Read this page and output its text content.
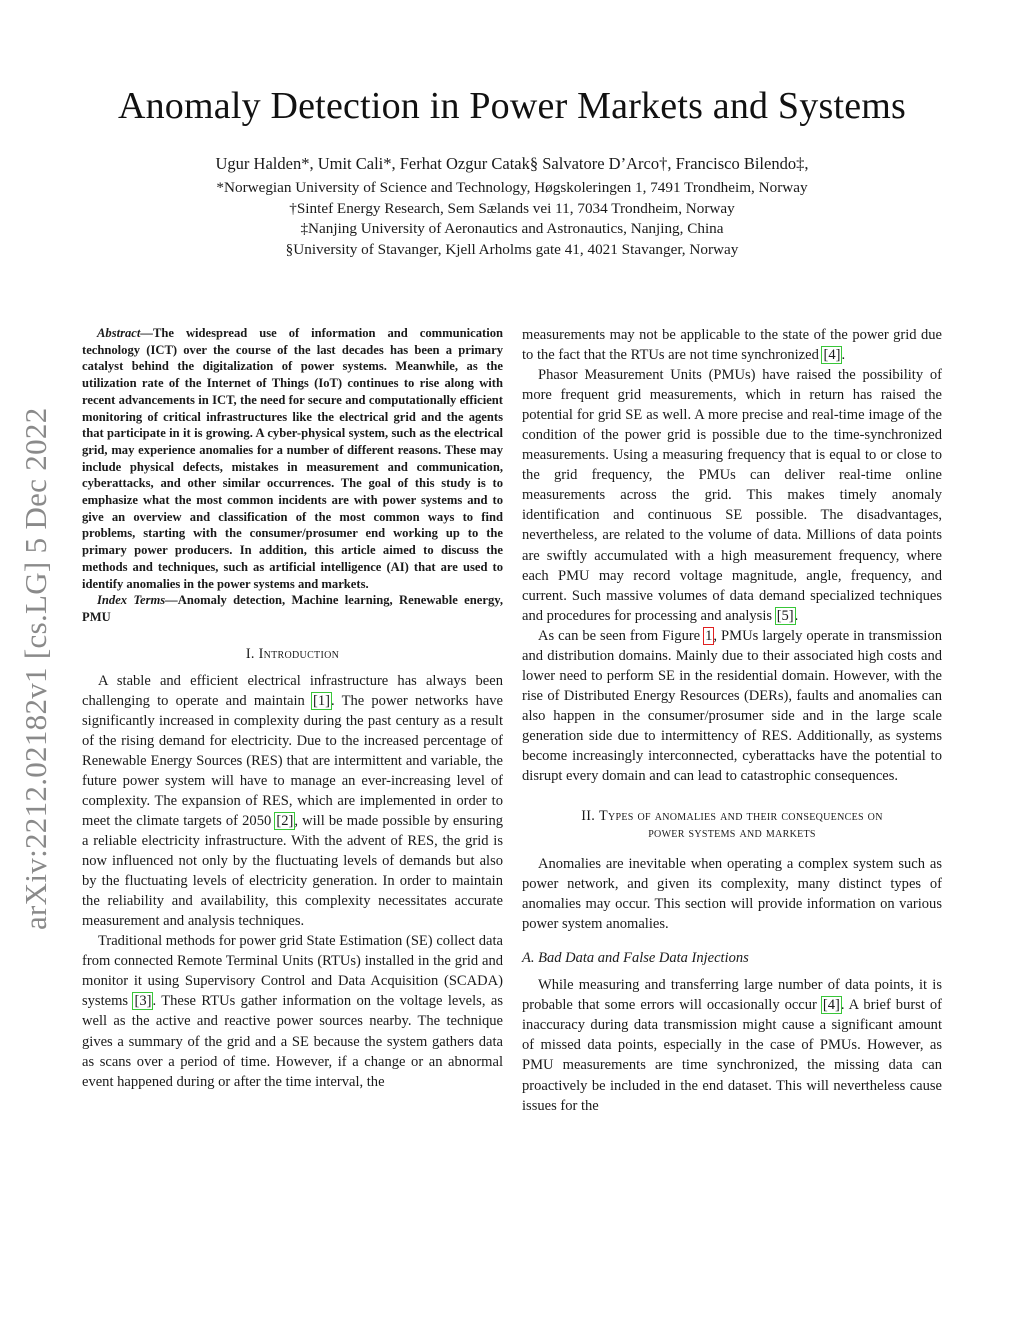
arXiv:2212.02182v1 [cs.LG] 5 Dec 2022
Anomaly Detection in Power Markets and Systems
Ugur Halden*, Umit Cali*, Ferhat Ozgur Catak§ Salvatore D’Arco†, Francisco Bilendo‡,
*Norwegian University of Science and Technology, Høgskoleringen 1, 7491 Trondheim, Norway
†Sintef Energy Research, Sem Sælands vei 11, 7034 Trondheim, Norway
‡Nanjing University of Aeronautics and Astronautics, Nanjing, China
§University of Stavanger, Kjell Arholms gate 41, 4021 Stavanger, Norway

Abstract—The widespread use of information and communication technology (ICT) over the course of the last decades has been a primary catalyst behind the digitalization of power systems. Meanwhile, as the utilization rate of the Internet of Things (IoT) continues to rise along with recent advancements in ICT, the need for secure and computationally efficient monitoring of critical infrastructures like the electrical grid and the agents that participate in it is growing. A cyber-physical system, such as the electrical grid, may experience anomalies for a number of different reasons. These may include physical defects, mistakes in measurement and communication, cyberattacks, and other similar occurrences. The goal of this study is to emphasize what the most common incidents are with power systems and to give an overview and classification of the most common ways to find problems, starting with the consumer/prosumer end working up to the primary power producers. In addition, this article aimed to discuss the methods and techniques, such as artificial intelligence (AI) that are used to identify anomalies in the power systems and markets.

Index Terms—Anomaly detection, Machine learning, Renewable energy, PMU

I. Introduction

A stable and efficient electrical infrastructure has always been challenging to operate and maintain [1]. The power networks have significantly increased in complexity during the past century as a result of the rising demand for electricity. Due to the increased percentage of Renewable Energy Sources (RES) that are intermittent and variable, the future power system will have to manage an ever-increasing level of complexity. The expansion of RES, which are implemented in order to meet the climate targets of 2050 [2], will be made possible by ensuring a reliable electricity infrastructure. With the advent of RES, the grid is now influenced not only by the fluctuating levels of demands but also by the fluctuating levels of electricity generation. In order to maintain the reliability and availability, this complexity necessitates accurate measurement and analysis techniques.

Traditional methods for power grid State Estimation (SE) collect data from connected Remote Terminal Units (RTUs) installed in the grid and monitor it using Supervisory Control and Data Acquisition (SCADA) systems [3]. These RTUs gather information on the voltage levels, as well as the active and reactive power sources nearby. The technique gives a summary of the grid and a SE because the system gathers data as scans over a period of time. However, if a change or an abnormal event happened during or after the time interval, the

measurements may not be applicable to the state of the power grid due to the fact that the RTUs are not time synchronized [4].

Phasor Measurement Units (PMUs) have raised the possibility of more frequent grid measurements, which in return has raised the potential for grid SE as well. A more precise and real-time image of the condition of the power grid is possible due to the time-synchronized measurements. Using a measuring frequency that is equal to or close to the grid frequency, the PMUs can deliver real-time online measurements across the grid. This makes timely anomaly identification and continuous SE possible. The disadvantages, nevertheless, are related to the volume of data. Millions of data points are swiftly accumulated with a high measurement frequency, where each PMU may record voltage magnitude, angle, frequency, and current. Such massive volumes of data demand specialized techniques and procedures for processing and analysis [5].

As can be seen from Figure 1, PMUs largely operate in transmission and distribution domains. Mainly due to their associated high costs and lower need to perform SE in the residential domain. However, with the rise of Distributed Energy Resources (DERs), faults and anomalies can also happen in the consumer/prosumer side and in the large scale generation side due to intermittency of RES. Additionally, as systems become increasingly interconnected, cyberattacks have the potential to disrupt every domain and can lead to catastrophic consequences.

II. Types of anomalies and their consequences on
power systems and markets

Anomalies are inevitable when operating a complex system such as power network, and given its complexity, many distinct types of anomalies may occur. This section will provide information on various power system anomalies.

A. Bad Data and False Data Injections

While measuring and transferring large number of data points, it is probable that some errors will occasionally occur [4]. A brief burst of inaccuracy during data transmission might cause a significant amount of missed data points, especially in the case of PMUs. However, as PMU measurements are time synchronized, the missing data can proactively be included in the end dataset. This will nevertheless cause issues for the
